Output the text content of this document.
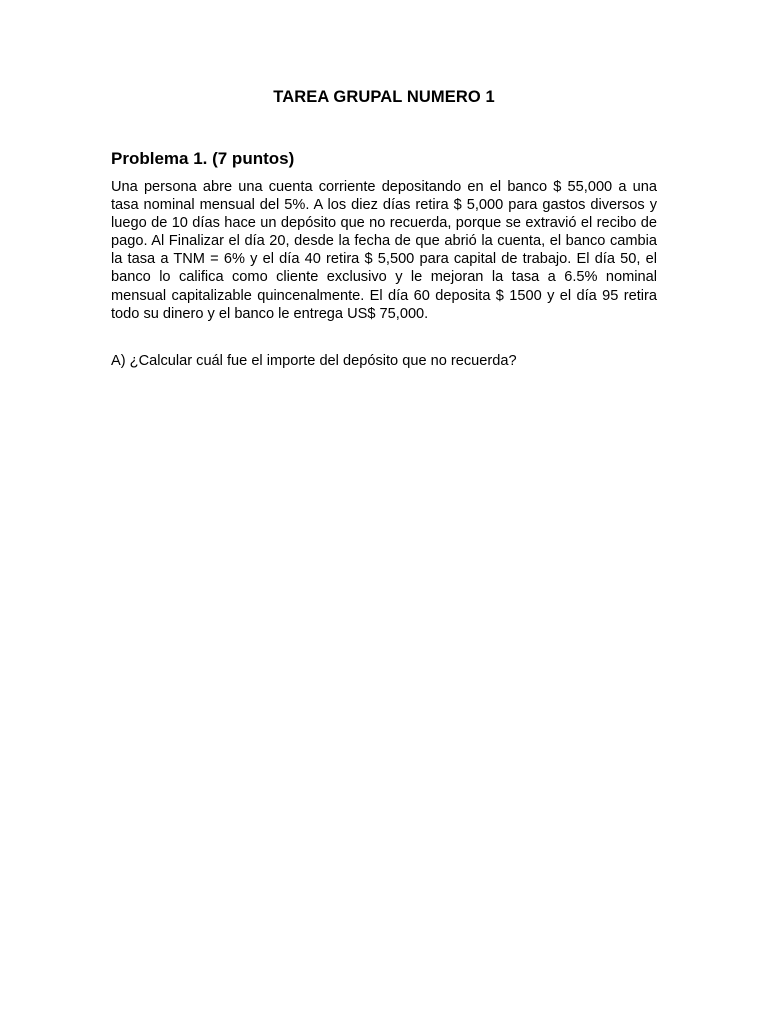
TAREA GRUPAL NUMERO 1
Problema 1. (7 puntos)

Una persona abre una cuenta corriente depositando en el banco $ 55,000 a una tasa nominal mensual del 5%. A los diez días retira $ 5,000 para gastos diversos y luego de 10 días hace un depósito que no recuerda, porque se extravió el recibo de pago. Al Finalizar el día 20, desde la fecha de que abrió la cuenta, el banco cambia la tasa a TNM = 6% y el día 40 retira $ 5,500 para capital de trabajo. El día 50, el banco lo califica como cliente exclusivo y le mejoran la tasa a 6.5% nominal mensual capitalizable quincenalmente. El día 60 deposita $ 1500 y el día 95 retira todo su dinero y el banco le entrega US$ 75,000.

A) ¿Calcular cuál fue el importe del depósito que no recuerda?
